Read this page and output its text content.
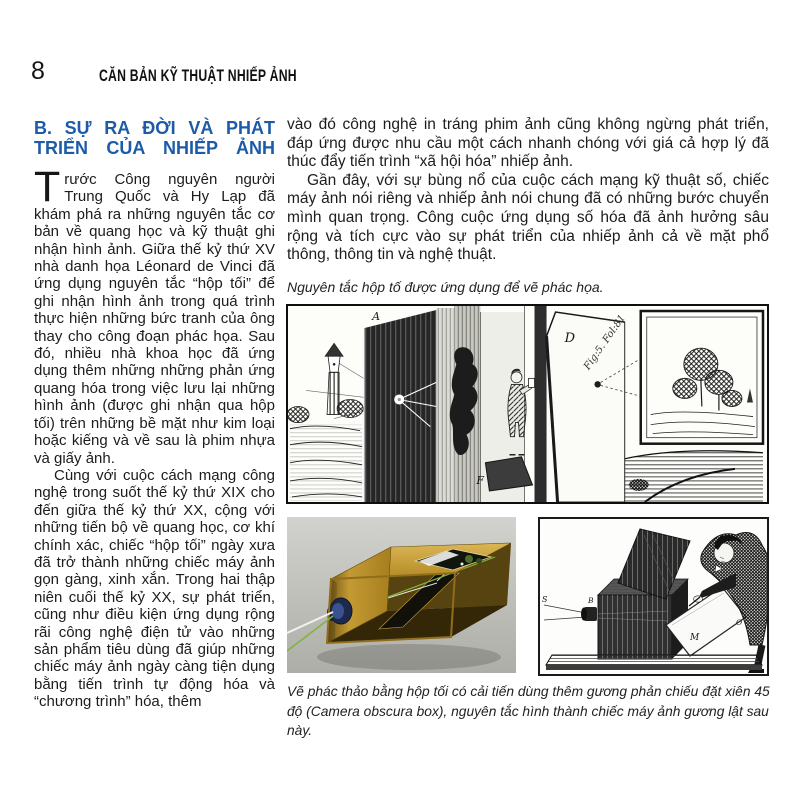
8	CĂN BẢN KỸ THUẬT NHIẾP ẢNH
B. SỰ RA ĐỜI VÀ PHÁT
TRIỂN CỦA NHIẾP ẢNH

Trước Công nguyên người Trung Quốc và Hy Lạp đã khám phá ra những nguyên tắc cơ bản về quang học và kỹ thuật ghi nhận hình ảnh. Giữa thế kỷ thứ XV nhà danh họa Léonard de Vinci đã ứng dụng nguyên tắc “hộp tối” để ghi nhận hình ảnh trong quá trình thực hiện những bức tranh của ông thay cho công đoạn phác họa. Sau đó, nhiều nhà khoa học đã ứng dụng thêm những những phản ứng quang hóa trong việc lưu lại những hình ảnh (được ghi nhận qua hộp tối) trên những bề mặt như kim loại hoặc kiếng và về sau là phim nhựa và giấy ảnh.

Cùng với cuộc cách mạng công nghệ trong suốt thế kỷ thứ XIX cho đến giữa thế kỷ thứ XX, cộng với những tiến bộ về quang học, cơ khí chính xác, chiếc “hộp tối” ngày xưa đã trở thành những chiếc máy ảnh gọn gàng, xinh xắn. Trong hai thập niên cuối thế kỷ XX, sự phát triển, cũng như điều kiện ứng dụng rộng rãi công nghệ điện tử vào những sản phẩm tiêu dùng đã giúp những chiếc máy ảnh ngày càng tiện dụng bằng tiến trình tự động hóa và “chương trình” hóa, thêm

vào đó công nghệ in tráng phim ảnh cũng không ngừng phát triển, đáp ứng được nhu cầu một cách nhanh chóng với giá cả hợp lý đã thúc đẩy tiến trình “xã hội hóa” nhiếp ảnh.

Gần đây, với sự bùng nổ của cuộc cách mạng kỹ thuật số, chiếc máy ảnh nói riêng và nhiếp ảnh nói chung đã có những bước chuyển mình quan trọng. Công cuộc ứng dụng số hóa đã ảnh hưởng sâu rộng và tích cực vào sự phát triển của nhiếp ảnh cả về mặt phổ thông, thông tin và nghệ thuật.

Nguyên tắc hộp tố được ứng dụng để vẽ phác họa.
A
F
D Fig:5. Fol:81
S	B
M
O
Vẽ phác thảo bằng hộp tối có cải tiến dùng thêm gương phản chiếu đặt xiên 45 độ (Camera obscura box), nguyên tắc hình thành chiếc máy ảnh gương lật sau này.
